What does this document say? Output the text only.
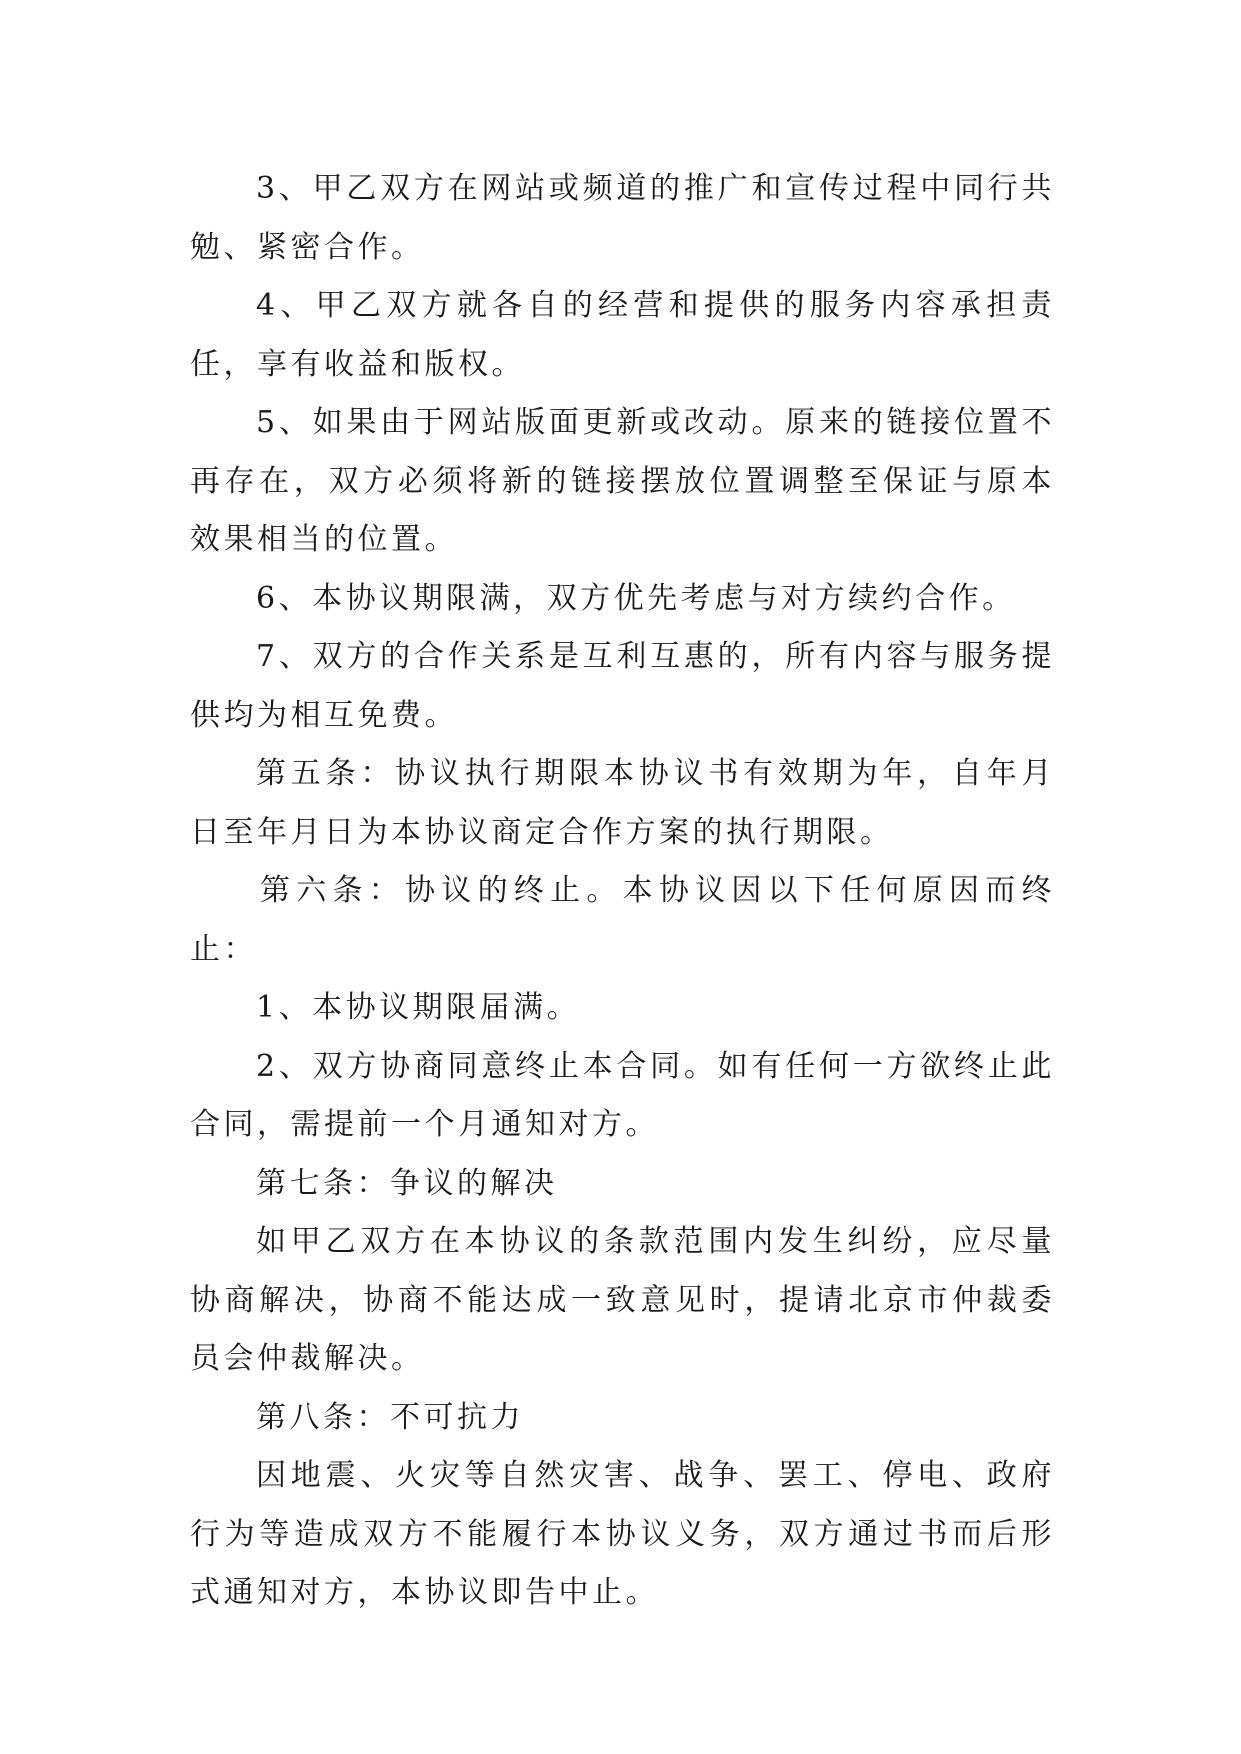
3、甲乙双方在网站或频道的推广和宣传过程中同行共勉、紧密合作。

4、甲乙双方就各自的经营和提供的服务内容承担责任，享有收益和版权。

5、如果由于网站版面更新或改动。原来的链接位置不再存在，双方必须将新的链接摆放位置调整至保证与原本效果相当的位置。

6、本协议期限满，双方优先考虑与对方续约合作。

7、双方的合作关系是互利互惠的，所有内容与服务提供均为相互免费。

第五条：协议执行期限本协议书有效期为年，自年月日至年月日为本协议商定合作方案的执行期限。

第六条：协议的终止。本协议因以下任何原因而终止：

1、本协议期限届满。

2、双方协商同意终止本合同。如有任何一方欲终止此合同，需提前一个月通知对方。

第七条：争议的解决

如甲乙双方在本协议的条款范围内发生纠纷，应尽量协商解决，协商不能达成一致意见时，提请北京市仲裁委员会仲裁解决。

第八条：不可抗力

因地震、火灾等自然灾害、战争、罢工、停电、政府行为等造成双方不能履行本协议义务，双方通过书而后形式通知对方，本协议即告中止。
